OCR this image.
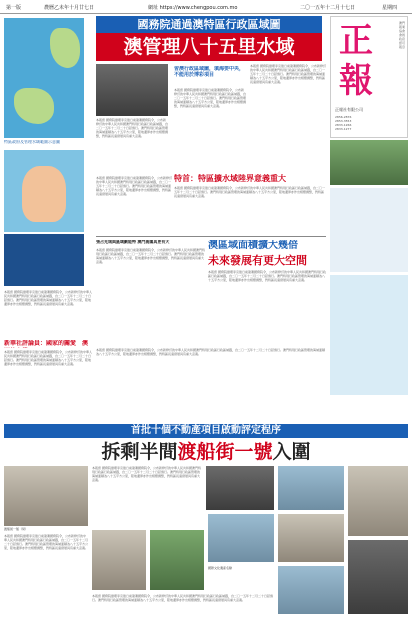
第一版	農曆乙未年十月廿七日	網址 https://www.chengpou.com.mo	二〇一五年十二月十七日	星期四
特區政府及管理水域範圍示意圖
國務院通過澳特區行政區域圖
澳管理八十五里水域	正報
澳門報業協會會員 政府認可報章
正報社有限公司
2856-2876
2853-3553
2833-1266
2833-1277
習澳行政區域圖，填海要中央，不能用於博彩項目
本報訊 國務院總理李克強日前簽署國務院令，公布新修訂的中華人民共和國澳門特別行政區行政區域圖，自二〇一五年十二月二十日起施行。澳門特別行政區管理的海域面積為八十五平方公里，陸地邊界亦作出相應調整，對特區長遠發展具有重大意義。
本報訊 國務院總理李克強日前簽署國務院令，公布新修訂的中華人民共和國澳門特別行政區行政區域圖，自二〇一五年十二月二十日起施行。澳門特別行政區管理的海域面積為八十五平方公里，陸地邊界亦作出相應調整，對特區長遠發展具有重大意義。
本報訊 國務院總理李克強日前簽署國務院令，公布新修訂的中華人民共和國澳門特別行政區行政區域圖，自二〇一五年十二月二十日起施行。澳門特別行政區管理的海域面積為八十五平方公里，陸地邊界亦作出相應調整，對特區長遠發展具有重大意義。
特首：特區擴水域陸界意義重大
本報訊 國務院總理李克強日前簽署國務院令，公布新修訂的中華人民共和國澳門特別行政區行政區域圖，自二〇一五年十二月二十日起施行。澳門特別行政區管理的海域面積為八十五平方公里，陸地邊界亦作出相應調整，對特區長遠發展具有重大意義。
本報訊 國務院總理李克強日前簽署國務院令，公布新修訂的中華人民共和國澳門特別行政區行政區域圖，自二〇一五年十二月二十日起施行。澳門特別行政區管理的海域面積為八十五平方公里，陸地邊界亦作出相應調整，對特區長遠發展具有重大意義。
張占光城與區域劃能特 澳門高圍具更有大
本報訊 國務院總理李克強日前簽署國務院令，公布新修訂的中華人民共和國澳門特別行政區行政區域圖，自二〇一五年十二月二十日起施行。澳門特別行政區管理的海域面積為八十五平方公里，陸地邊界亦作出相應調整，對特區長遠發展具有重大意義。
澳區域面積擴大幾倍
未來發展有更大空間
本報訊 國務院總理李克強日前簽署國務院令，公布新修訂的中華人民共和國澳門特別行政區行政區域圖，自二〇一五年十二月二十日起施行。澳門特別行政區管理的海域面積為八十五平方公里，陸地邊界亦作出相應調整，對特區長遠發展具有重大意義。
本報訊 國務院總理李克強日前簽署國務院令，公布新修訂的中華人民共和國澳門特別行政區行政區域圖，自二〇一五年十二月二十日起施行。澳門特別行政區管理的海域面積為八十五平方公里，陸地邊界亦作出相應調整，對特區長遠發展具有重大意義。
新華社評論員：國家的關愛　澳
本報訊 國務院總理李克強日前簽署國務院令，公布新修訂的中華人民共和國澳門特別行政區行政區域圖，自二〇一五年十二月二十日起施行。澳門特別行政區管理的海域面積為八十五平方公里，陸地邊界亦作出相應調整，對特區長遠發展具有重大意義。
本報訊 國務院總理李克強日前簽署國務院令，公布新修訂的中華人民共和國澳門特別行政區行政區域圖，自二〇一五年十二月二十日起施行。澳門特別行政區管理的海域面積為八十五平方公里，陸地邊界亦作出相應調整，對特區長遠發展具有重大意義。
首批十個不動產項目啟動評定程序
拆剩半間渡船街一號入圍
渡船街一號（局）
本報訊 國務院總理李克強日前簽署國務院令，公布新修訂的中華人民共和國澳門特別行政區行政區域圖，自二〇一五年十二月二十日起施行。澳門特別行政區管理的海域面積為八十五平方公里，陸地邊界亦作出相應調整，對特區長遠發展具有重大意義。
本報訊 國務院總理李克強日前簽署國務院令，公布新修訂的中華人民共和國澳門特別行政區行政區域圖，自二〇一五年十二月二十日起施行。澳門特別行政區管理的海域面積為八十五平方公里，陸地邊界亦作出相應調整，對特區長遠發展具有重大意義。
國際文化遺產名錄
本報訊 國務院總理李克強日前簽署國務院令，公布新修訂的中華人民共和國澳門特別行政區行政區域圖，自二〇一五年十二月二十日起施行。澳門特別行政區管理的海域面積為八十五平方公里，陸地邊界亦作出相應調整，對特區長遠發展具有重大意義。
